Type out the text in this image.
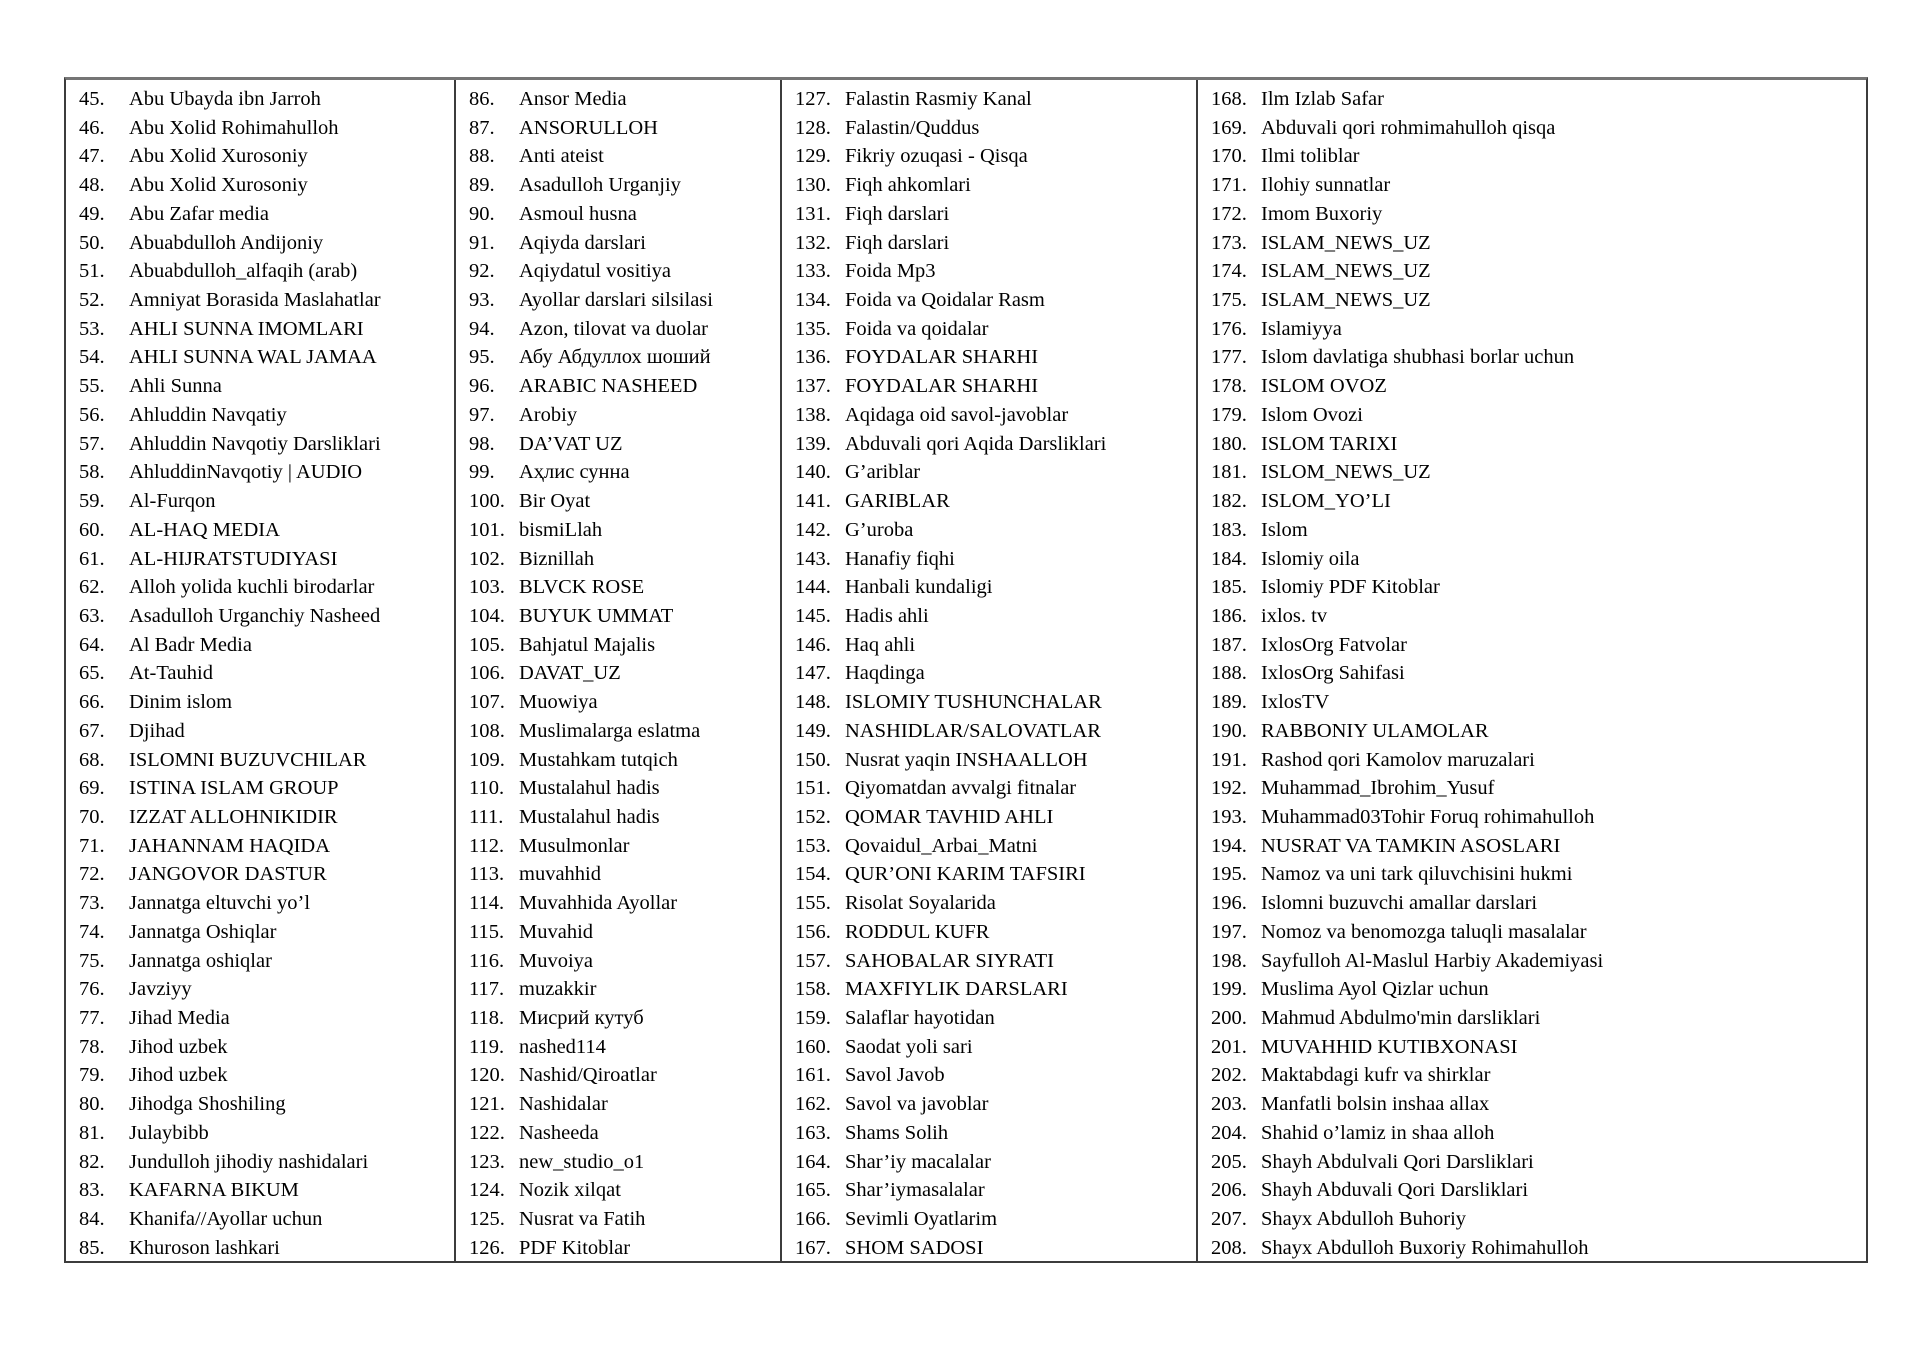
45.	Abu Ubayda ibn Jarroh
46.	Abu Xolid Rohimahulloh
47.	Abu Xolid Xurosoniy
48.	Abu Xolid Xurosoniy
49.	Abu Zafar media
50.	Abuabdulloh Andijoniy
51.	Abuabdulloh_alfaqih (arab)
52.	Amniyat Borasida Maslahatlar
53.	AHLI SUNNA IMOMLARI
54.	AHLI SUNNA WAL JAMAA
55.	Ahli Sunna
56.	Ahluddin Navqatiy
57.	Ahluddin Navqotiy Darsliklari
58.	AhluddinNavqotiy | AUDIO
59.	Al-Furqon
60.	AL-HAQ MEDIA
61.	AL-HIJRATSTUDIYASI
62.	Alloh yolida kuchli birodarlar
63.	Asadulloh Urganchiy Nasheed
64.	Al Badr Media
65.	At-Tauhid
66.	Dinim islom
67.	Djihad
68.	ISLOMNI BUZUVCHILAR
69.	ISTINA ISLAM GROUP
70.	IZZAT ALLOHNIKIDIR
71.	JAHANNAM HAQIDA
72.	JANGOVOR DASTUR
73.	Jannatga eltuvchi yo’l
74.	Jannatga Oshiqlar
75.	Jannatga oshiqlar
76.	Javziyy
77.	Jihad Media
78.	Jihod uzbek
79.	Jihod uzbek
80.	Jihodga Shoshiling
81.	Julaybibb
82.	Jundulloh jihodiy nashidalari
83.	KAFARNA BIKUM
84.	Khanifa//Ayollar uchun
85.	Khuroson lashkari
86.	Ansor Media
87.	ANSORULLOH
88.	Anti ateist
89.	Asadulloh Urganjiy
90.	Asmoul husna
91.	Aqiyda darslari
92.	Aqiydatul vositiya
93.	Ayollar darslari silsilasi
94.	Azon, tilovat va duolar
95.	Абу Абдуллох шоший
96.	ARABIC NASHEED
97.	Arobiy
98.	DA’VAT UZ
99.	Аҳлис сунна
100. Bir Oyat
101. bismiLlah
102. Biznillah
103. BLVCK ROSE
104. BUYUK UMMAT
105. Bahjatul Majalis
106. DAVAT_UZ
107. Muowiya
108. Muslimalarga eslatma
109. Mustahkam tutqich
110. Mustalahul hadis
111. Mustalahul hadis
112. Musulmonlar
113. muvahhid
114. Muvahhida Ayollar
115. Muvahid
116. Muvoiya
117. muzakkir
118. Мисрий кутуб
119. nashed114
120. Nashid/Qiroatlar
121. Nashidalar
122. Nasheeda
123. new_studio_o1
124. Nozik xilqat
125. Nusrat va Fatih
126. PDF Kitoblar
127. Falastin Rasmiy Kanal
128. Falastin/Quddus
129. Fikriy ozuqasi - Qisqa
130. Fiqh ahkomlari
131. Fiqh darslari
132. Fiqh darslari
133. Foida Mp3
134. Foida va Qoidalar Rasm
135. Foida va qoidalar
136. FOYDALAR SHARHI
137. FOYDALAR SHARHI
138. Aqidaga oid savol-javoblar
139. Abduvali qori Aqida Darsliklari
140. G’ariblar
141. GARIBLAR
142. G’uroba
143. Hanafiy fiqhi
144. Hanbali kundaligi
145. Hadis ahli
146. Haq ahli
147. Haqdinga
148. ISLOMIY TUSHUNCHALAR
149. NASHIDLAR/SALOVATLAR
150. Nusrat yaqin INSHAALLOH
151. Qiyomatdan avvalgi fitnalar
152. QOMAR TAVHID AHLI
153. Qovaidul_Arbai_Matni
154. QUR’ONI KARIM TAFSIRI
155. Risolat Soyalarida
156. RODDUL KUFR
157. SAHOBALAR SIYRATI
158. MAXFIYLIK DARSLARI
159. Salaflar hayotidan
160. Saodat yoli sari
161. Savol Javob
162. Savol va javoblar
163. Shams Solih
164. Shar’iy macalalar
165. Shar’iymasalalar
166. Sevimli Oyatlarim
167. SHOM SADOSI
168. Ilm Izlab Safar
169. Abduvali qori rohmimahulloh qisqa
170. Ilmi toliblar
171. Ilohiy sunnatlar
172. Imom Buxoriy
173. ISLAM_NEWS_UZ
174. ISLAM_NEWS_UZ
175. ISLAM_NEWS_UZ
176. Islamiyya
177. Islom davlatiga shubhasi borlar uchun
178. ISLOM OVOZ
179. Islom Ovozi
180. ISLOM TARIXI
181. ISLOM_NEWS_UZ
182. ISLOM_YO’LI
183. Islom
184. Islomiy oila
185. Islomiy PDF Kitoblar
186. ixlos. tv
187. IxlosOrg Fatvolar
188. IxlosOrg Sahifasi
189. IxlosTV
190. RABBONIY ULAMOLAR
191. Rashod qori Kamolov maruzalari
192. Muhammad_Ibrohim_Yusuf
193. Muhammad03Tohir Foruq rohimahulloh
194. NUSRAT VA TAMKIN ASOSLARI
195. Namoz va uni tark qiluvchisini hukmi
196. Islomni buzuvchi amallar darslari
197. Nomoz va benomozga taluqli masalalar
198. Sayfulloh Al-Maslul Harbiy Akademiyasi
199. Muslima Ayol Qizlar uchun
200. Mahmud Abdulmo'min darsliklari
201. MUVAHHID KUTIBXONASI
202. Maktabdagi kufr va shirklar
203. Manfatli bolsin inshaa allax
204. Shahid o’lamiz in shaa alloh
205. Shayh Abdulvali Qori Darsliklari
206. Shayh Abduvali Qori Darsliklari
207. Shayx Abdulloh Buhoriy
208. Shayx Abdulloh Buxoriy Rohimahulloh
